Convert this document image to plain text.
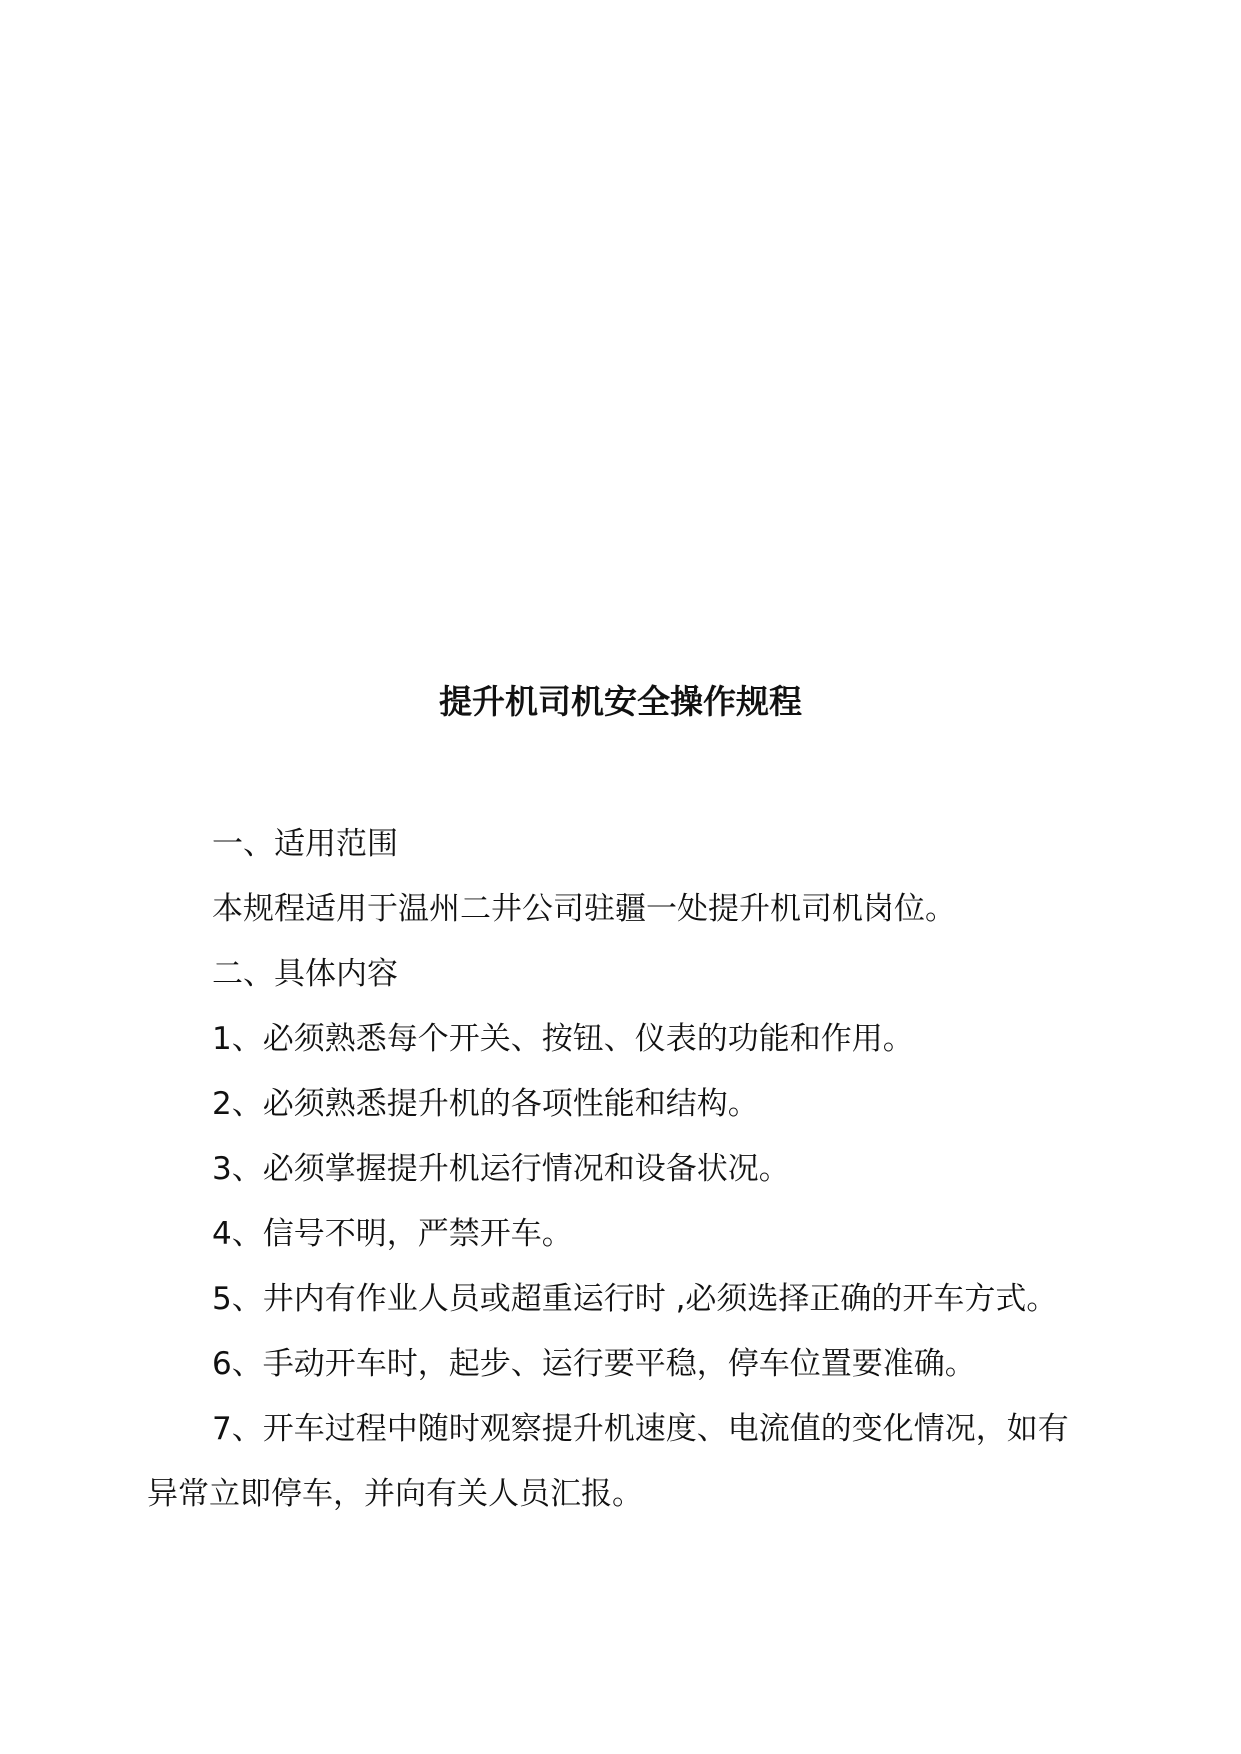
提升机司机安全操作规程

一、适用范围

本规程适用于温州二井公司驻疆一处提升机司机岗位。

二、具体内容

1、必须熟悉每个开关、按钮、仪表的功能和作用。

2、必须熟悉提升机的各项性能和结构。

3、必须掌握提升机运行情况和设备状况。

4、信号不明，严禁开车。

5、井内有作业人员或超重运行时 ,必须选择正确的开车方式。

6、手动开车时，起步、运行要平稳，停车位置要准确。

7、开车过程中随时观察提升机速度、电流值的变化情况，如有异常立即停车，并向有关人员汇报。
